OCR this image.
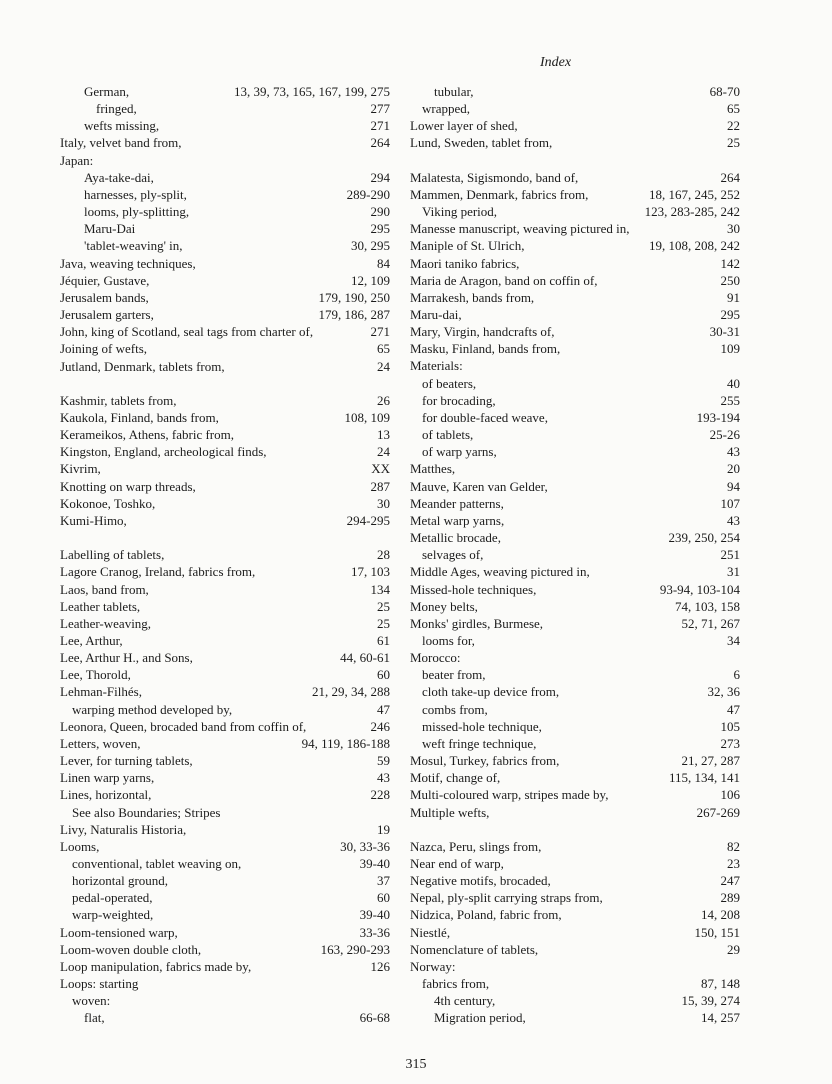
Index
German,	13, 39, 73, 165, 167, 199, 275
fringed,	277
wefts missing,	271
Italy, velvet band from,	264
Japan:
Aya-take-dai,	294
harnesses, ply-split,	289-290
looms, ply-splitting,	290
Maru-Dai	295
'tablet-weaving' in,	30, 295
Java, weaving techniques,	84
Jéquier, Gustave,	12, 109
Jerusalem bands,	179, 190, 250
Jerusalem garters,	179, 186, 287
John, king of Scotland, seal tags from charter of,	271
Joining of wefts,	65
Jutland, Denmark, tablets from,	24
Kashmir, tablets from,	26
Kaukola, Finland, bands from,	108, 109
Kerameikos, Athens, fabric from,	13
Kingston, England, archeological finds,	24
Kivrim,	XX
Knotting on warp threads,	287
Kokonoe, Toshko,	30
Kumi-Himo,	294-295
Labelling of tablets,	28
Lagore Cranog, Ireland, fabrics from,	17, 103
Laos, band from,	134
Leather tablets,	25
Leather-weaving,	25
Lee, Arthur,	61
Lee, Arthur H., and Sons,	44, 60-61
Lee, Thorold,	60
Lehman-Filhés,	21, 29, 34, 288
warping method developed by,	47
Leonora, Queen, brocaded band from coffin of,	246
Letters, woven,	94, 119, 186-188
Lever, for turning tablets,	59
Linen warp yarns,	43
Lines, horizontal,	228
See also Boundaries; Stripes
Livy, Naturalis Historia,	19
Looms,	30, 33-36
conventional, tablet weaving on,	39-40
horizontal ground,	37
pedal-operated,	60
warp-weighted,	39-40
Loom-tensioned warp,	33-36
Loom-woven double cloth,	163, 290-293
Loop manipulation, fabrics made by,	126
Loops: starting
woven:
flat,	66-68
tubular,	68-70
wrapped,	65
Lower layer of shed,	22
Lund, Sweden, tablet from,	25
Malatesta, Sigismondo, band of,	264
Mammen, Denmark, fabrics from,	18, 167, 245, 252
Viking period,	123, 283-285, 242
Manesse manuscript, weaving pictured in,	30
Maniple of St. Ulrich,	19, 108, 208, 242
Maori taniko fabrics,	142
Maria de Aragon, band on coffin of,	250
Marrakesh, bands from,	91
Maru-dai,	295
Mary, Virgin, handcrafts of,	30-31
Masku, Finland, bands from,	109
Materials:
of beaters,	40
for brocading,	255
for double-faced weave,	193-194
of tablets,	25-26
of warp yarns,	43
Matthes,	20
Mauve, Karen van Gelder,	94
Meander patterns,	107
Metal warp yarns,	43
Metallic brocade,	239, 250, 254
selvages of,	251
Middle Ages, weaving pictured in,	31
Missed-hole techniques,	93-94, 103-104
Money belts,	74, 103, 158
Monks' girdles, Burmese,	52, 71, 267
looms for,	34
Morocco:
beater from,	6
cloth take-up device from,	32, 36
combs from,	47
missed-hole technique,	105
weft fringe technique,	273
Mosul, Turkey, fabrics from,	21, 27, 287
Motif, change of,	115, 134, 141
Multi-coloured warp, stripes made by,	106
Multiple wefts,	267-269
Nazca, Peru, slings from,	82
Near end of warp,	23
Negative motifs, brocaded,	247
Nepal, ply-split carrying straps from,	289
Nidzica, Poland, fabric from,	14, 208
Niestlé,	150, 151
Nomenclature of tablets,	29
Norway:
fabrics from,	87, 148
4th century,	15, 39, 274
Migration period,	14, 257
315
